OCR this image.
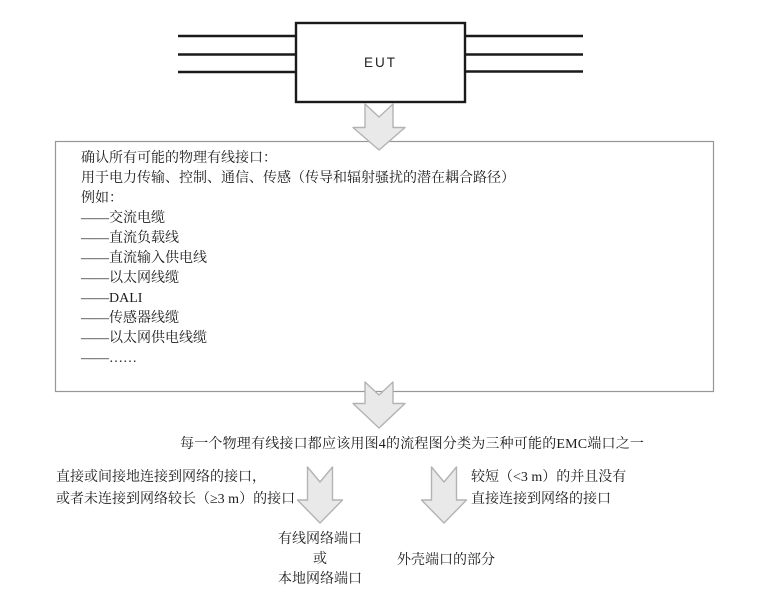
EUT
确认所有可能的物理有线接口：
用于电力传输、控制、通信、传感（传导和辐射骚扰的潜在耦合路径）
例如：
——交流电缆
——直流负载线
——直流输入供电线
——以太网线缆
——DALI
——传感器线缆
——以太网供电线缆
——……
每一个物理有线接口都应该用图4的流程图分类为三种可能的EMC端口之一
直接或间接地连接到网络的接口，
或者未连接到网络较长（≥3 m）的接口
较短（<3 m）的并且没有
直接连接到网络的接口
有线网络端口
或
本地网络端口
外壳端口的部分
